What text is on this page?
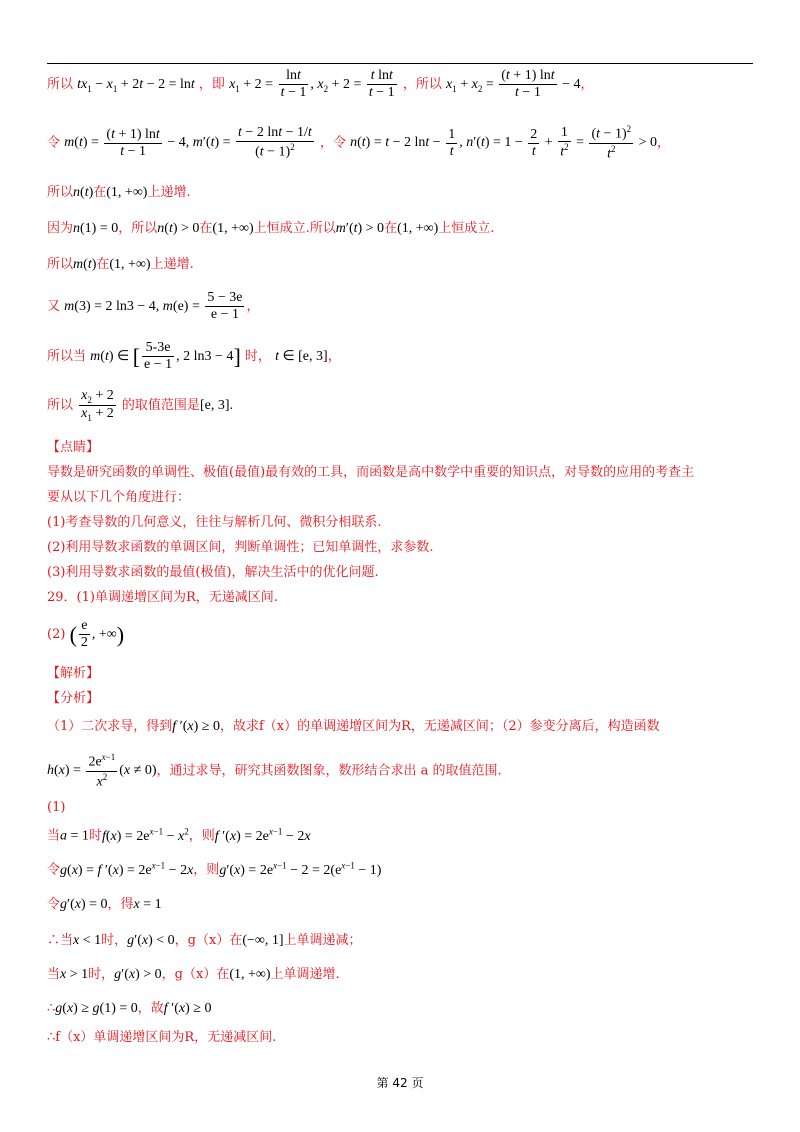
所以 $tx_1 - x_1 + 2t - 2 = \ln t$ ，即 $x_1 + 2 = \frac{\ln t}{t - 1}$ , $x_2 + 2 = \frac{\text{t lnt}}{t - 1}$ ，所以 $x_1 + x_2 = \frac{(t + 1) \ln t}{t - 1} - 4$，
令 $m(t) = \frac{(t + 1) \ln t}{t - 1} - 4$, $m'(t) = \frac{t - 2 \ln t - 1/t}{(t - 1)^2}$ ，令 n(t) = t − 2 $\ln t - \frac{1}{t}$ , $n'(t) = 1 - \frac{2}{t} + \frac{1}{t^2} = \frac{(t - 1)^2}{t^2} > 0$，
所以n(t)在(1, +∞)上递增.
因为n(1) = 0，所以n(t) > 0在(1, +∞)上恒成立.所以m′(t) > 0在(1, +∞)上恒成立.
所以m(t)在(1, +∞)上递增.
又 m(3) = 2 ln3 − 4, $m(e) = \frac{5 - 3e}{e - 1}$ ，
所以当 m(t) ∈ [ $\frac{5-3e}{e - 1}$ , 2 ln3 − 4] 时， t ∈ [e, 3]，
所以 $\frac{x_2 + 2}{x_1 + 2}$ 的取值范围是[e, 3].
【点睛】
导数是研究函数的单调性、极值(最值)最有效的工具，而函数是高中数学中重要的知识点，对导数的应用的考查主
要从以下几个角度进行：
(1)考查导数的几何意义，往往与解析几何、微积分相联系.
(2)利用导数求函数的单调区间，判断单调性；已知单调性，求参数.
(3)利用导数求函数的最值(极值)，解决生活中的优化问题.
29．(1)单调递增区间为R，无递减区间.
(2) ( $\frac{e}{2}$ , +∞)
【解析】
【分析】
（1）二次求导，得到f ′(x) ≥ 0，故求f（x）的单调递增区间为R，无递减区间；（2）参变分离后，构造函数
$h(x) = \frac{2e^{x-1}}{x^2} (x \ne 0)$，通过求导，研究其函数图象，数形结合求出 a 的取值范围.
(1)
当a = 1时$f(x) = 2e^{x-1} - x^2$，则f $'(x) = 2e^{x-1} - 2x$
令g(x) = f $'(x) = 2e^{x-1} - 2x$，则$g'(x) = 2e^{x-1} - 2 = 2(e^{x-1} - 1)$
令g′(x) = 0，得x = 1
∴当x < 1时，g′(x) < 0，g（x）在(−∞, 1]上单调递减；
当x > 1时，g′(x) > 0，g（x）在(1, +∞)上单调递增.
∴g(x) ≥ g(1) = 0，故f ′(x) ≥ 0
∴f（x）单调递增区间为R，无递减区间.
第 42 页
